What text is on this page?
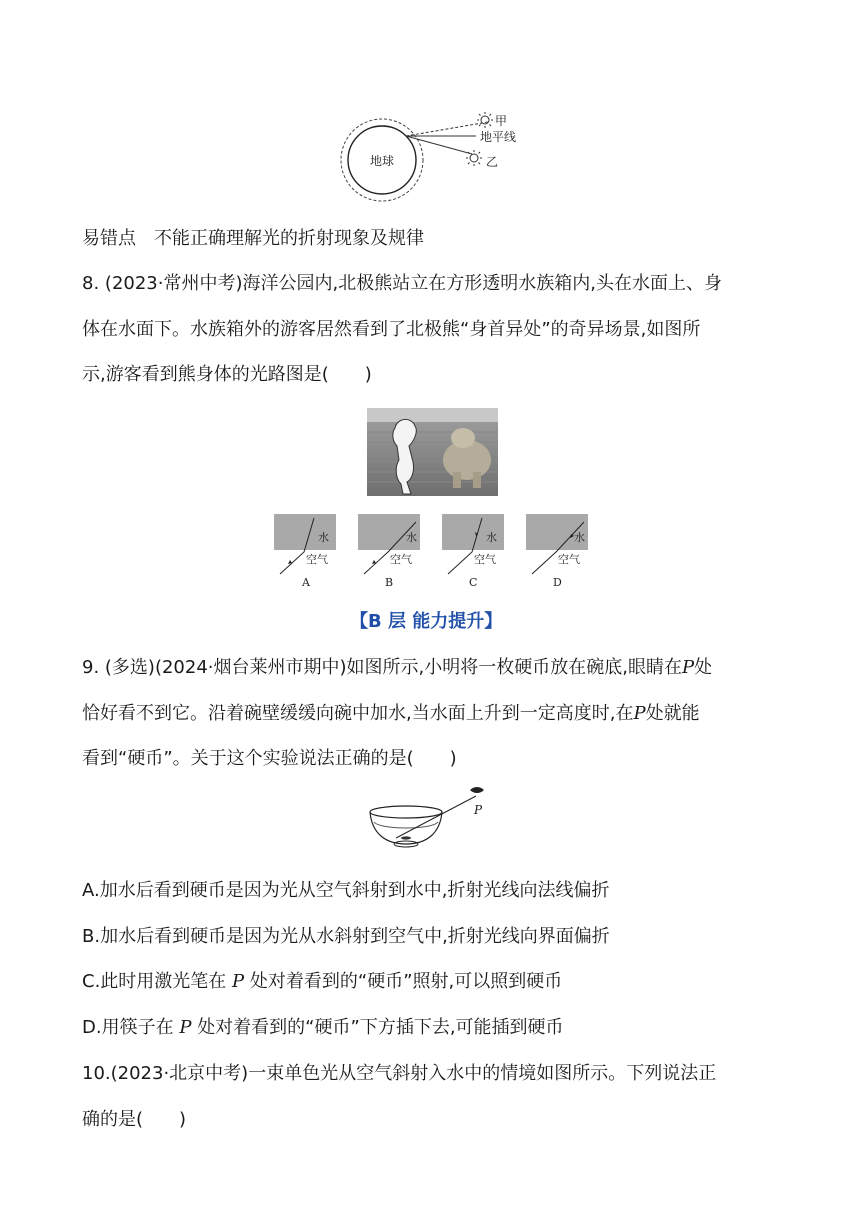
地球
甲
地平线
乙
易错点　不能正确理解光的折射现象及规律
8. (2023·常州中考)海洋公园内,北极熊站立在方形透明水族箱内,头在水面上、身
体在水面下。水族箱外的游客居然看到了北极熊“身首异处”的奇异场景,如图所
示,游客看到熊身体的光路图是(　　)
水
空气
A
水
空气
B
水
空气
C
水
空气
D
【B 层 能力提升】
9. (多选)(2024·烟台莱州市期中)如图所示,小明将一枚硬币放在碗底,眼睛在P处
恰好看不到它。沿着碗壁缓缓向碗中加水,当水面上升到一定高度时,在P处就能
看到“硬币”。关于这个实验说法正确的是(　　)
P
A.加水后看到硬币是因为光从空气斜射到水中,折射光线向法线偏折
B.加水后看到硬币是因为光从水斜射到空气中,折射光线向界面偏折
C.此时用激光笔在 P 处对着看到的“硬币”照射,可以照到硬币
D.用筷子在 P 处对着看到的“硬币”下方插下去,可能插到硬币
10.(2023·北京中考)一束单色光从空气斜射入水中的情境如图所示。下列说法正
确的是(　　)
